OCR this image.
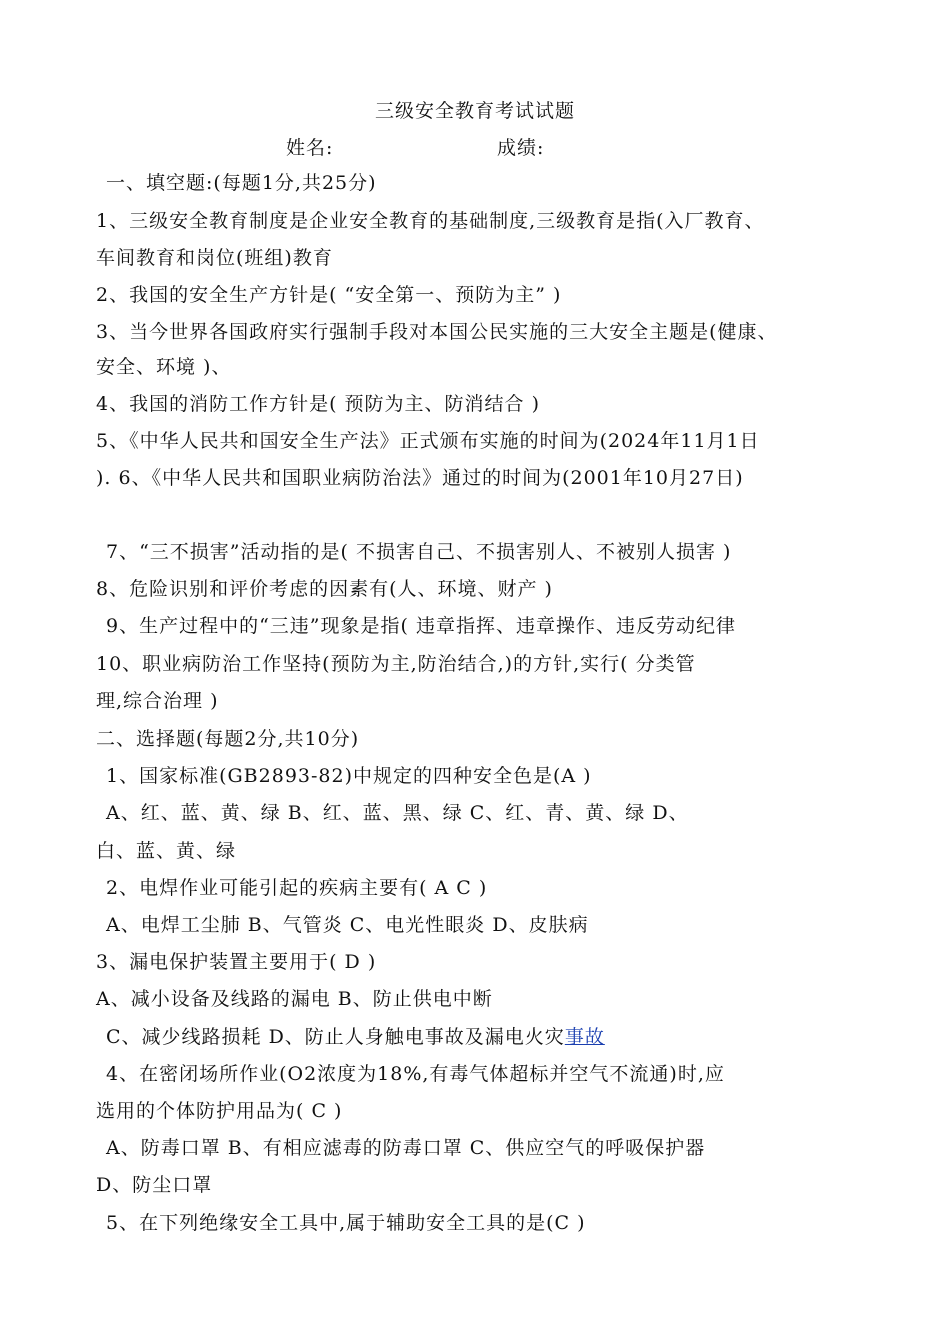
三级安全教育考试试题
姓名:	成绩:
一、填空题:(每题1分,共25分)
1、三级安全教育制度是企业安全教育的基础制度,三级教育是指(入厂教育、
车间教育和岗位(班组)教育
2、我国的安全生产方针是( “安全第一、预防为主” )
3、当今世界各国政府实行强制手段对本国公民实施的三大安全主题是(健康、
安全、环境 )、
4、我国的消防工作方针是( 预防为主、防消结合 )
5、《中华人民共和国安全生产法》正式颁布实施的时间为(2024年11月1日
). 6、《中华人民共和国职业病防治法》通过的时间为(2001年10月27日)
7、“三不损害”活动指的是( 不损害自己、不损害别人、不被别人损害 )
8、危险识别和评价考虑的因素有(人、环境、财产 )
9、生产过程中的“三违”现象是指( 违章指挥、违章操作、违反劳动纪律
10、职业病防治工作坚持(预防为主,防治结合,)的方针,实行( 分类管
理,综合治理 )
二、选择题(每题2分,共10分)
1、国家标准(GB2893-82)中规定的四种安全色是(A )
A、红、蓝、黄、绿 B、红、蓝、黑、绿 C、红、青、黄、绿 D、
白、蓝、黄、绿
2、电焊作业可能引起的疾病主要有( A C )
A、电焊工尘肺 B、气管炎 C、电光性眼炎 D、皮肤病
3、漏电保护装置主要用于( D )
A、减小设备及线路的漏电 B、防止供电中断
C、减少线路损耗 D、防止人身触电事故及漏电火灾事故
4、在密闭场所作业(O2浓度为18%,有毒气体超标并空气不流通)时,应
选用的个体防护用品为( C )
A、防毒口罩 B、有相应滤毒的防毒口罩 C、供应空气的呼吸保护器
D、防尘口罩
5、在下列绝缘安全工具中,属于辅助安全工具的是(C )
